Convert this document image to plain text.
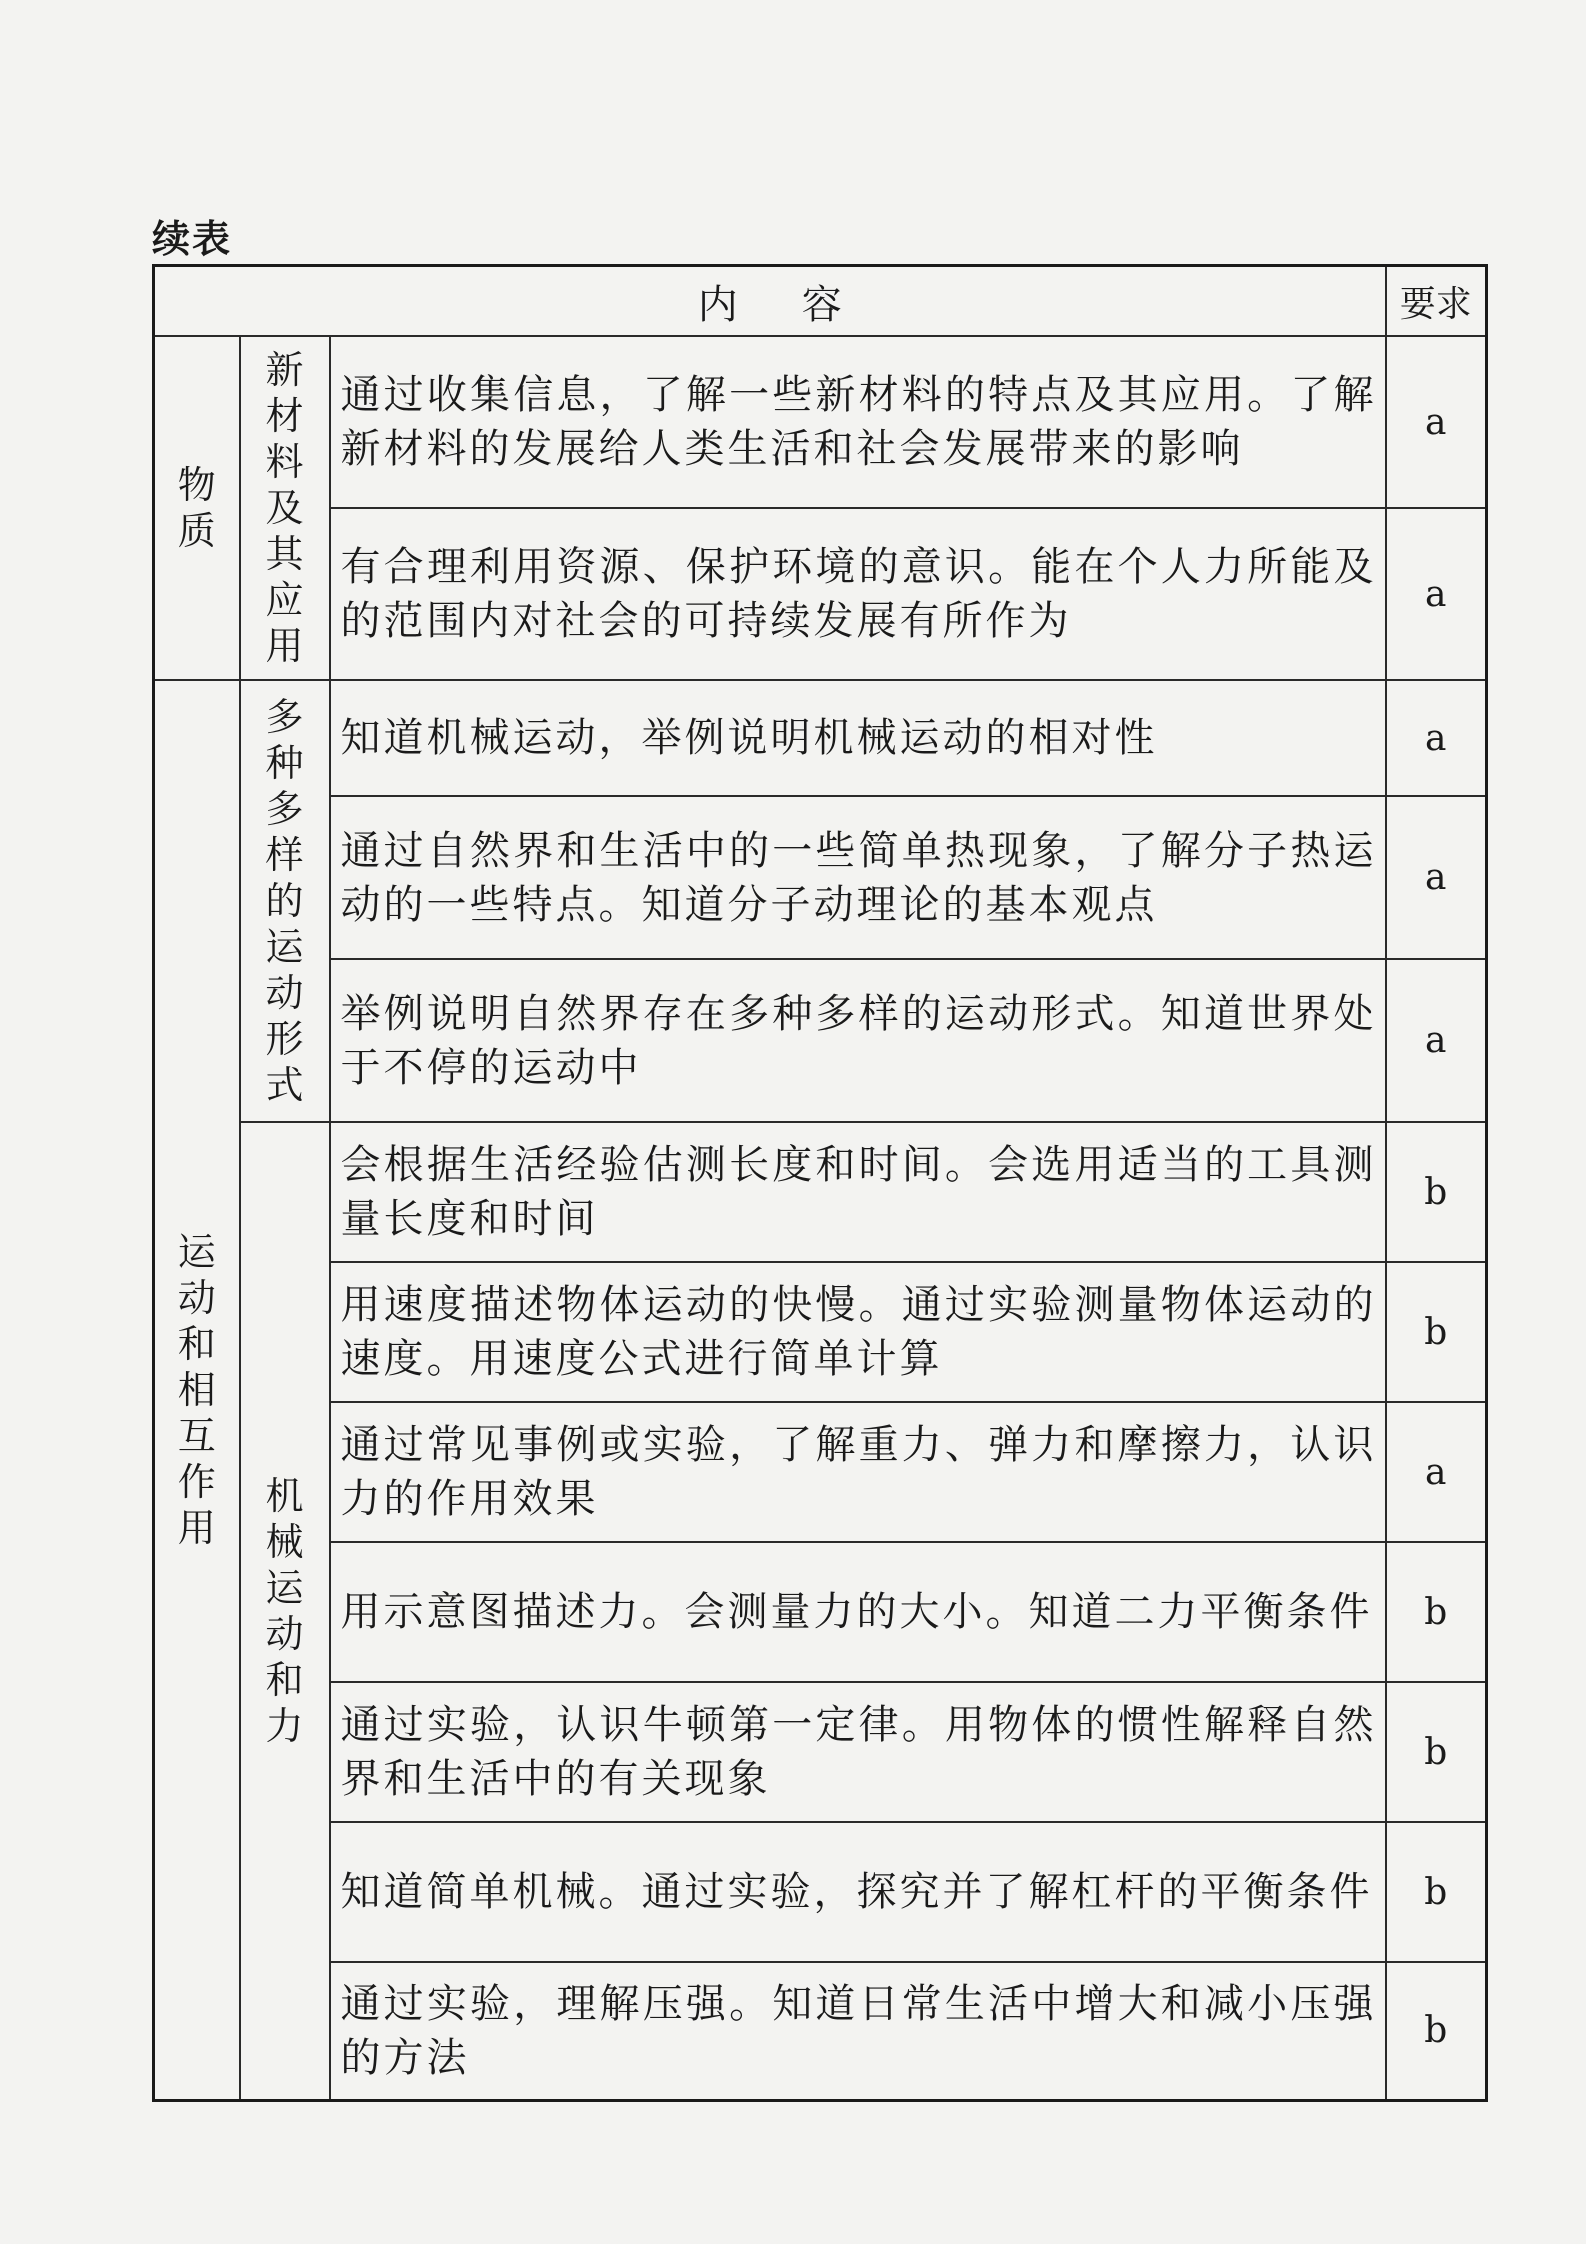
续表
内容			要求
物质	新材料及其应用	通过收集信息，了解一些新材料的特点及其应用。了解新材料的发展给人类生活和社会发展带来的影响	a
		有合理利用资源、保护环境的意识。能在个人力所能及的范围内对社会的可持续发展有所作为	a
运动和相互作用	多种多样的运动形式	知道机械运动，举例说明机械运动的相对性	a
		通过自然界和生活中的一些简单热现象，了解分子热运动的一些特点。知道分子动理论的基本观点	a
		举例说明自然界存在多种多样的运动形式。知道世界处于不停的运动中	a
	机械运动和力	会根据生活经验估测长度和时间。会选用适当的工具测量长度和时间	b
		用速度描述物体运动的快慢。通过实验测量物体运动的速度。用速度公式进行简单计算	b
		通过常见事例或实验，了解重力、弹力和摩擦力，认识力的作用效果	a
		用示意图描述力。会测量力的大小。知道二力平衡条件	b
		通过实验，认识牛顿第一定律。用物体的惯性解释自然界和生活中的有关现象	b
		知道简单机械。通过实验，探究并了解杠杆的平衡条件	b
		通过实验，理解压强。知道日常生活中增大和减小压强的方法	b
